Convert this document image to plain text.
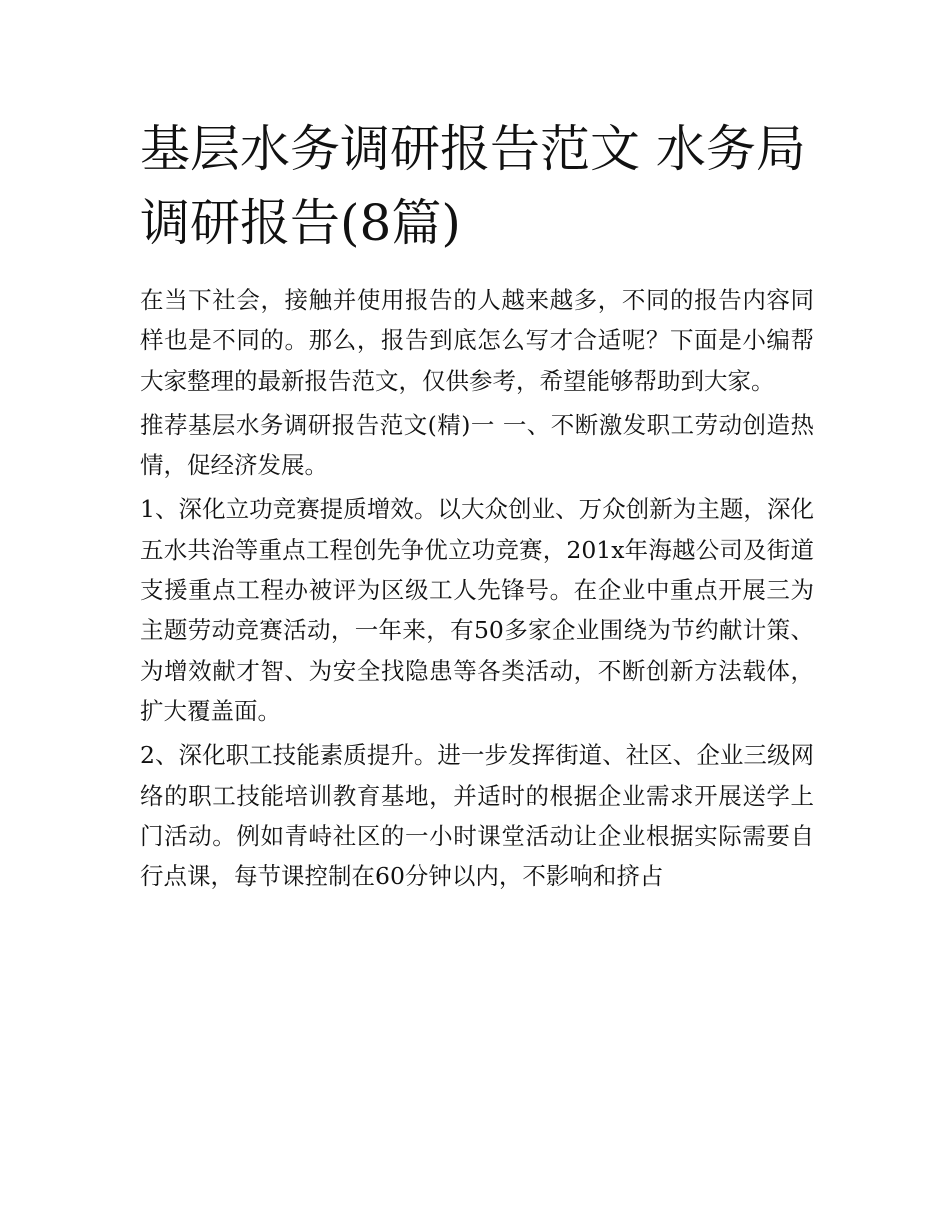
基层水务调研报告范文 水务局调研报告(8篇)

在当下社会，接触并使用报告的人越来越多，不同的报告内容同样也是不同的。那么，报告到底怎么写才合适呢？下面是小编帮大家整理的最新报告范文，仅供参考，希望能够帮助到大家。

推荐基层水务调研报告范文(精)一 一、不断激发职工劳动创造热情，促经济发展。

1、深化立功竞赛提质增效。以大众创业、万众创新为主题，深化五水共治等重点工程创先争优立功竞赛，201x年海越公司及街道支援重点工程办被评为区级工人先锋号。在企业中重点开展三为主题劳动竞赛活动，一年来，有50多家企业围绕为节约献计策、为增效献才智、为安全找隐患等各类活动，不断创新方法载体，扩大覆盖面。

2、深化职工技能素质提升。进一步发挥街道、社区、企业三级网络的职工技能培训教育基地，并适时的根据企业需求开展送学上门活动。例如青峙社区的一小时课堂活动让企业根据实际需要自行点课，每节课控制在60分钟以内，不影响和挤占
